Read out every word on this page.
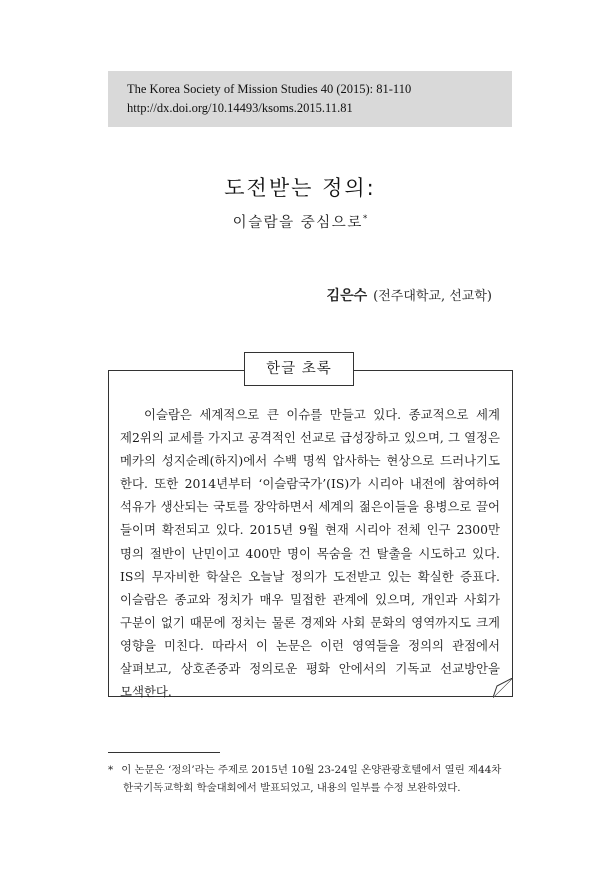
The Korea Society of Mission Studies 40 (2015): 81-110
http://dx.doi.org/10.14493/ksoms.2015.11.81
도전받는 정의:
이슬람을 중심으로*
김은수 (전주대학교, 선교학)
한글 초록
이슬람은 세계적으로 큰 이슈를 만들고 있다. 종교적으로 세계
제2위의 교세를 가지고 공격적인 선교로 급성장하고 있으며, 그 열정은
메카의 성지순례(하지)에서 수백 명씩 압사하는 현상으로 드러나기도
한다. 또한 2014년부터 ‘이슬람국가’(IS)가 시리아 내전에 참여하여
석유가 생산되는 국토를 장악하면서 세계의 젊은이들을 용병으로 끌어
들이며 확전되고 있다. 2015년 9월 현재 시리아 전체 인구 2300만
명의 절반이 난민이고 400만 명이 목숨을 건 탈출을 시도하고 있다.
IS의 무자비한 학살은 오늘날 정의가 도전받고 있는 확실한 증표다.
이슬람은 종교와 정치가 매우 밀접한 관계에 있으며, 개인과 사회가
구분이 없기 때문에 정치는 물론 경제와 사회 문화의 영역까지도 크게
영향을 미친다. 따라서 이 논문은 이런 영역들을 정의의 관점에서
살펴보고, 상호존중과 정의로운 평화 안에서의 기독교 선교방안을
모색한다.
* 이 논문은 ‘정의’라는 주제로 2015년 10월 23-24일 온양관광호텔에서 열린 제44차
한국기독교학회 학술대회에서 발표되었고, 내용의 일부를 수정 보완하였다.
